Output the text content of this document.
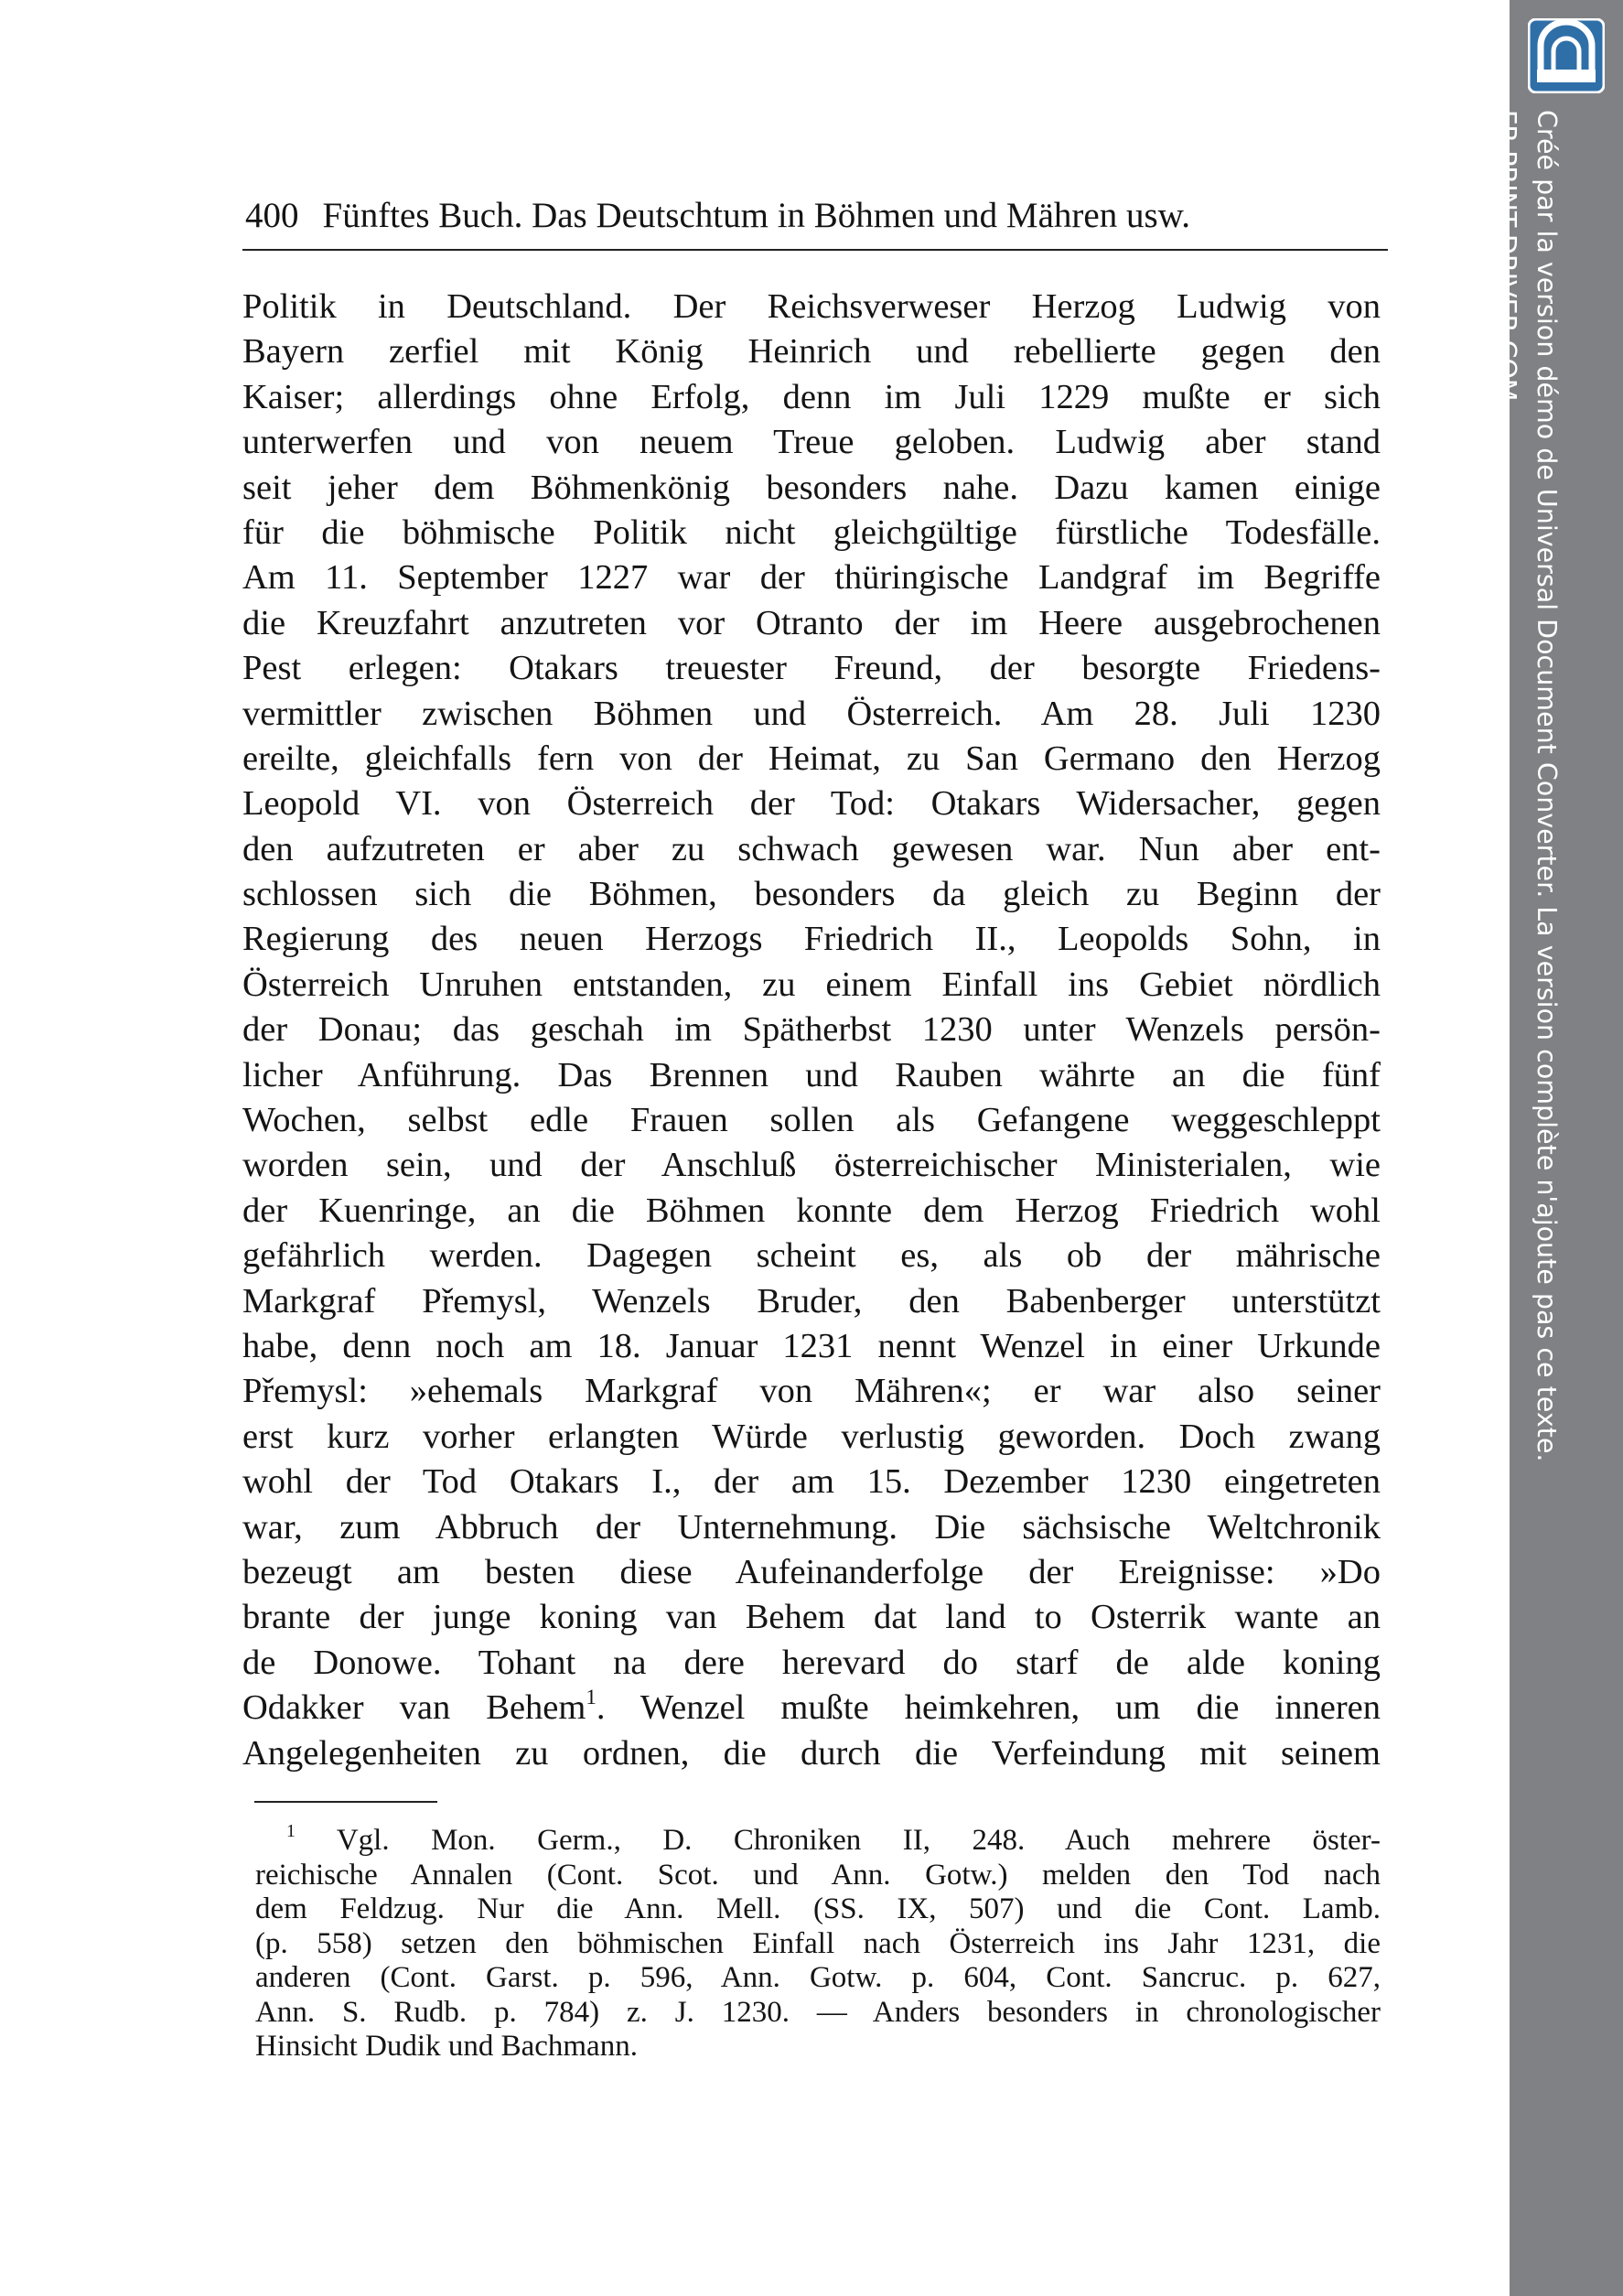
400 Fünftes Buch. Das Deutschtum in Böhmen und Mähren usw.
Politik in Deutschland. Der Reichsverweser Herzog Ludwig von
Bayern zerfiel mit König Heinrich und rebellierte gegen den
Kaiser; allerdings ohne Erfolg, denn im Juli 1229 mußte er sich
unterwerfen und von neuem Treue geloben. Ludwig aber stand
seit jeher dem Böhmenkönig besonders nahe. Dazu kamen einige
für die böhmische Politik nicht gleichgültige fürstliche Todesfälle.
Am 11. September 1227 war der thüringische Landgraf im Begriffe
die Kreuzfahrt anzutreten vor Otranto der im Heere ausgebrochenen
Pest erlegen: Otakars treuester Freund, der besorgte Friedens-
vermittler zwischen Böhmen und Österreich. Am 28. Juli 1230
ereilte, gleichfalls fern von der Heimat, zu San Germano den Herzog
Leopold VI. von Österreich der Tod: Otakars Widersacher, gegen
den aufzutreten er aber zu schwach gewesen war. Nun aber ent-
schlossen sich die Böhmen, besonders da gleich zu Beginn der
Regierung des neuen Herzogs Friedrich II., Leopolds Sohn, in
Österreich Unruhen entstanden, zu einem Einfall ins Gebiet nördlich
der Donau; das geschah im Spätherbst 1230 unter Wenzels persön-
licher Anführung. Das Brennen und Rauben währte an die fünf
Wochen, selbst edle Frauen sollen als Gefangene weggeschleppt
worden sein, und der Anschluß österreichischer Ministerialen, wie
der Kuenringe, an die Böhmen konnte dem Herzog Friedrich wohl
gefährlich werden. Dagegen scheint es, als ob der mährische
Markgraf Přemysl, Wenzels Bruder, den Babenberger unterstützt
habe, denn noch am 18. Januar 1231 nennt Wenzel in einer Urkunde
Přemysl: »ehemals Markgraf von Mähren«; er war also seiner
erst kurz vorher erlangten Würde verlustig geworden. Doch zwang
wohl der Tod Otakars I., der am 15. Dezember 1230 eingetreten
war, zum Abbruch der Unternehmung. Die sächsische Weltchronik
bezeugt am besten diese Aufeinanderfolge der Ereignisse: »Do
brante der junge koning van Behem dat land to Osterrik wante an
de Donowe. Tohant na dere herevard do starf de alde koning
Odakker van Behem$^1$. Wenzel mußte heimkehren, um die inneren
Angelegenheiten zu ordnen, die durch die Verfeindung mit seinem
$^1$ Vgl. Mon. Germ., D. Chroniken II, 248. Auch mehrere öster-
reichische Annalen (Cont. Scot. und Ann. Gotw.) melden den Tod nach
dem Feldzug. Nur die Ann. Mell. (SS. IX, 507) und die Cont. Lamb.
(p. 558) setzen den böhmischen Einfall nach Österreich ins Jahr 1231, die
anderen (Cont. Garst. p. 596, Ann. Gotw. p. 604, Cont. Sancruc. p. 627,
Ann. S. Rudb. p. 784) z. J. 1230. — Anders besonders in chronologischer
Hinsicht Dudik und Bachmann.
Créé par la version démo de Universal Document Converter. La version complète n'ajoute pas ce texte.
FR.PRINT-DRIVER.COM
